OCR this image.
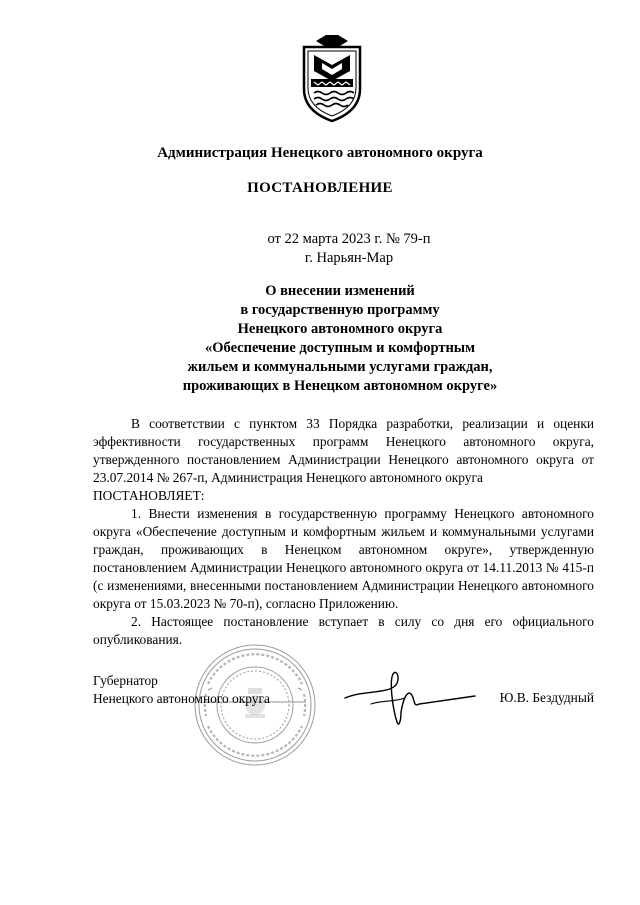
Администрация Ненецкого автономного округа
ПОСТАНОВЛЕНИЕ
от 22 марта 2023 г. № 79-п
г. Нарьян-Мар
О внесении изменений
в государственную программу
Ненецкого автономного округа
«Обеспечение доступным и комфортным
жильем и коммунальными услугами граждан,
проживающих в Ненецком автономном округе»

В соответствии с пунктом 33 Порядка разработки, реализации и оценки эффективности государственных программ Ненецкого автономного округа, утвержденного постановлением Администрации Ненецкого автономного округа от 23.07.2014 № 267-п, Администрация Ненецкого автономного округа

ПОСТАНОВЛЯЕТ:

1. Внести изменения в государственную программу Ненецкого автономного округа «Обеспечение доступным и комфортным жильем и коммунальными услугами граждан, проживающих в Ненецком автономном округе», утвержденную постановлением Администрации Ненецкого автономного округа от 14.11.2013 № 415-п (с изменениями, внесенными постановлением Администрации Ненецкого автономного округа от 15.03.2023 № 70-п), согласно Приложению.

2. Настоящее постановление вступает в силу со дня его официального опубликования.

Губернатор
Ненецкого автономного округа	Ю.В. Бездудный
